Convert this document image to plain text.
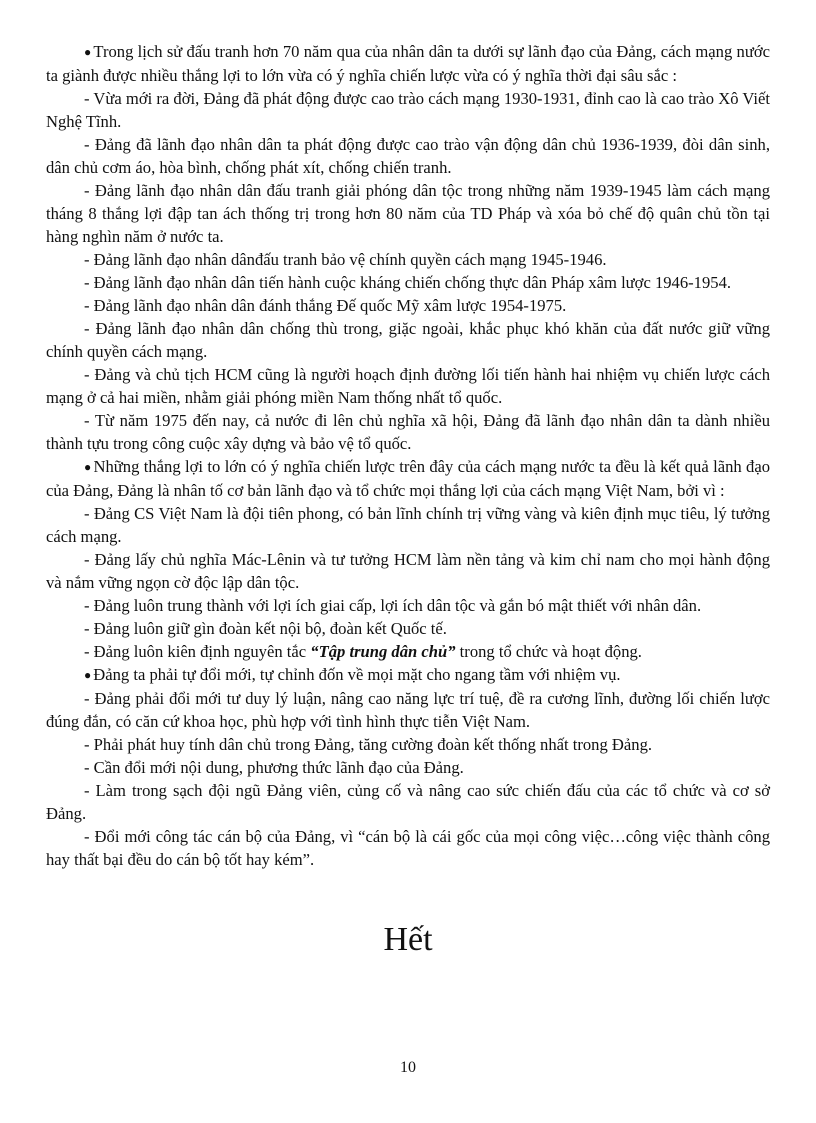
● Trong lịch sử đấu tranh hơn 70 năm qua của nhân dân ta dưới sự lãnh đạo của Đảng, cách mạng nước ta giành được nhiều thắng lợi to lớn vừa có ý nghĩa chiến lược vừa có ý nghĩa thời đại sâu sắc :

- Vừa mới ra đời, Đảng đã phát động được cao trào cách mạng 1930-1931, đỉnh cao là cao trào Xô Viết Nghệ Tĩnh.

- Đảng đã lãnh đạo nhân dân ta phát động được cao trào vận động dân chủ 1936-1939, đòi dân sinh, dân chủ cơm áo, hòa bình, chống phát xít, chống chiến tranh.

- Đảng lãnh đạo nhân dân đấu tranh giải phóng dân tộc trong những năm 1939-1945 làm cách mạng tháng 8 thắng lợi đập tan ách thống trị trong hơn 80 năm của TD Pháp và xóa bỏ chế độ quân chủ tồn tại hàng nghìn năm ở nước ta.

- Đảng lãnh đạo nhân dânđấu tranh bảo vệ chính quyền cách mạng 1945-1946.

- Đảng lãnh đạo nhân dân tiến hành cuộc kháng chiến chống thực dân Pháp xâm lược 1946-1954.

- Đảng lãnh đạo nhân dân đánh thắng Đế quốc Mỹ xâm lược 1954-1975.

- Đảng lãnh đạo nhân dân chống thù trong, giặc ngoài, khắc phục khó khăn của đất nước giữ vững chính quyền cách mạng.

- Đảng và chủ tịch HCM cũng là người hoạch định đường lối tiến hành hai nhiệm vụ chiến lược cách mạng ở cả hai miền, nhằm giải phóng miền Nam thống nhất tổ quốc.

- Từ năm 1975 đến nay, cả nước đi lên chủ nghĩa xã hội, Đảng đã lãnh đạo nhân dân ta dành nhiều thành tựu trong công cuộc xây dựng và bảo vệ tổ quốc.

● Những thắng lợi to lớn có ý nghĩa chiến lược trên đây của cách mạng nước ta đều là kết quả lãnh đạo của Đảng, Đảng là nhân tố cơ bản lãnh đạo và tổ chức mọi thắng lợi của cách mạng Việt Nam, bởi vì :

- Đảng CS Việt Nam là đội tiên phong, có bản lĩnh chính trị vững vàng và kiên định mục tiêu, lý tưởng cách mạng.

- Đảng lấy chủ nghĩa Mác-Lênin và tư tưởng HCM làm nền tảng và kim chỉ nam cho mọi hành động và nắm vững ngọn cờ độc lập dân tộc.

- Đảng luôn trung thành với lợi ích giai cấp, lợi ích dân tộc và gắn bó mật thiết với nhân dân.

- Đảng luôn giữ gìn đoàn kết nội bộ, đoàn kết Quốc tế.

- Đảng luôn kiên định nguyên tắc “Tập trung dân chủ” trong tổ chức và hoạt động.

● Đảng ta phải tự đổi mới, tự chỉnh đốn về mọi mặt cho ngang tầm với nhiệm vụ.

- Đảng phải đổi mới tư duy lý luận, nâng cao năng lực trí tuệ, đề ra cương lĩnh, đường lối chiến lược đúng đắn, có căn cứ khoa học, phù hợp với tình hình thực tiễn Việt Nam.

- Phải phát huy tính dân chủ trong Đảng, tăng cường đoàn kết thống nhất trong Đảng.

- Cần đổi mới nội dung, phương thức lãnh đạo của Đảng.

- Làm trong sạch đội ngũ Đảng viên, củng cố và nâng cao sức chiến đấu của các tổ chức và cơ sở Đảng.

- Đổi mới công tác cán bộ của Đảng, vì “cán bộ là cái gốc của mọi công việc…công việc thành công hay thất bại đều do cán bộ tốt hay kém”.

Hết
10
